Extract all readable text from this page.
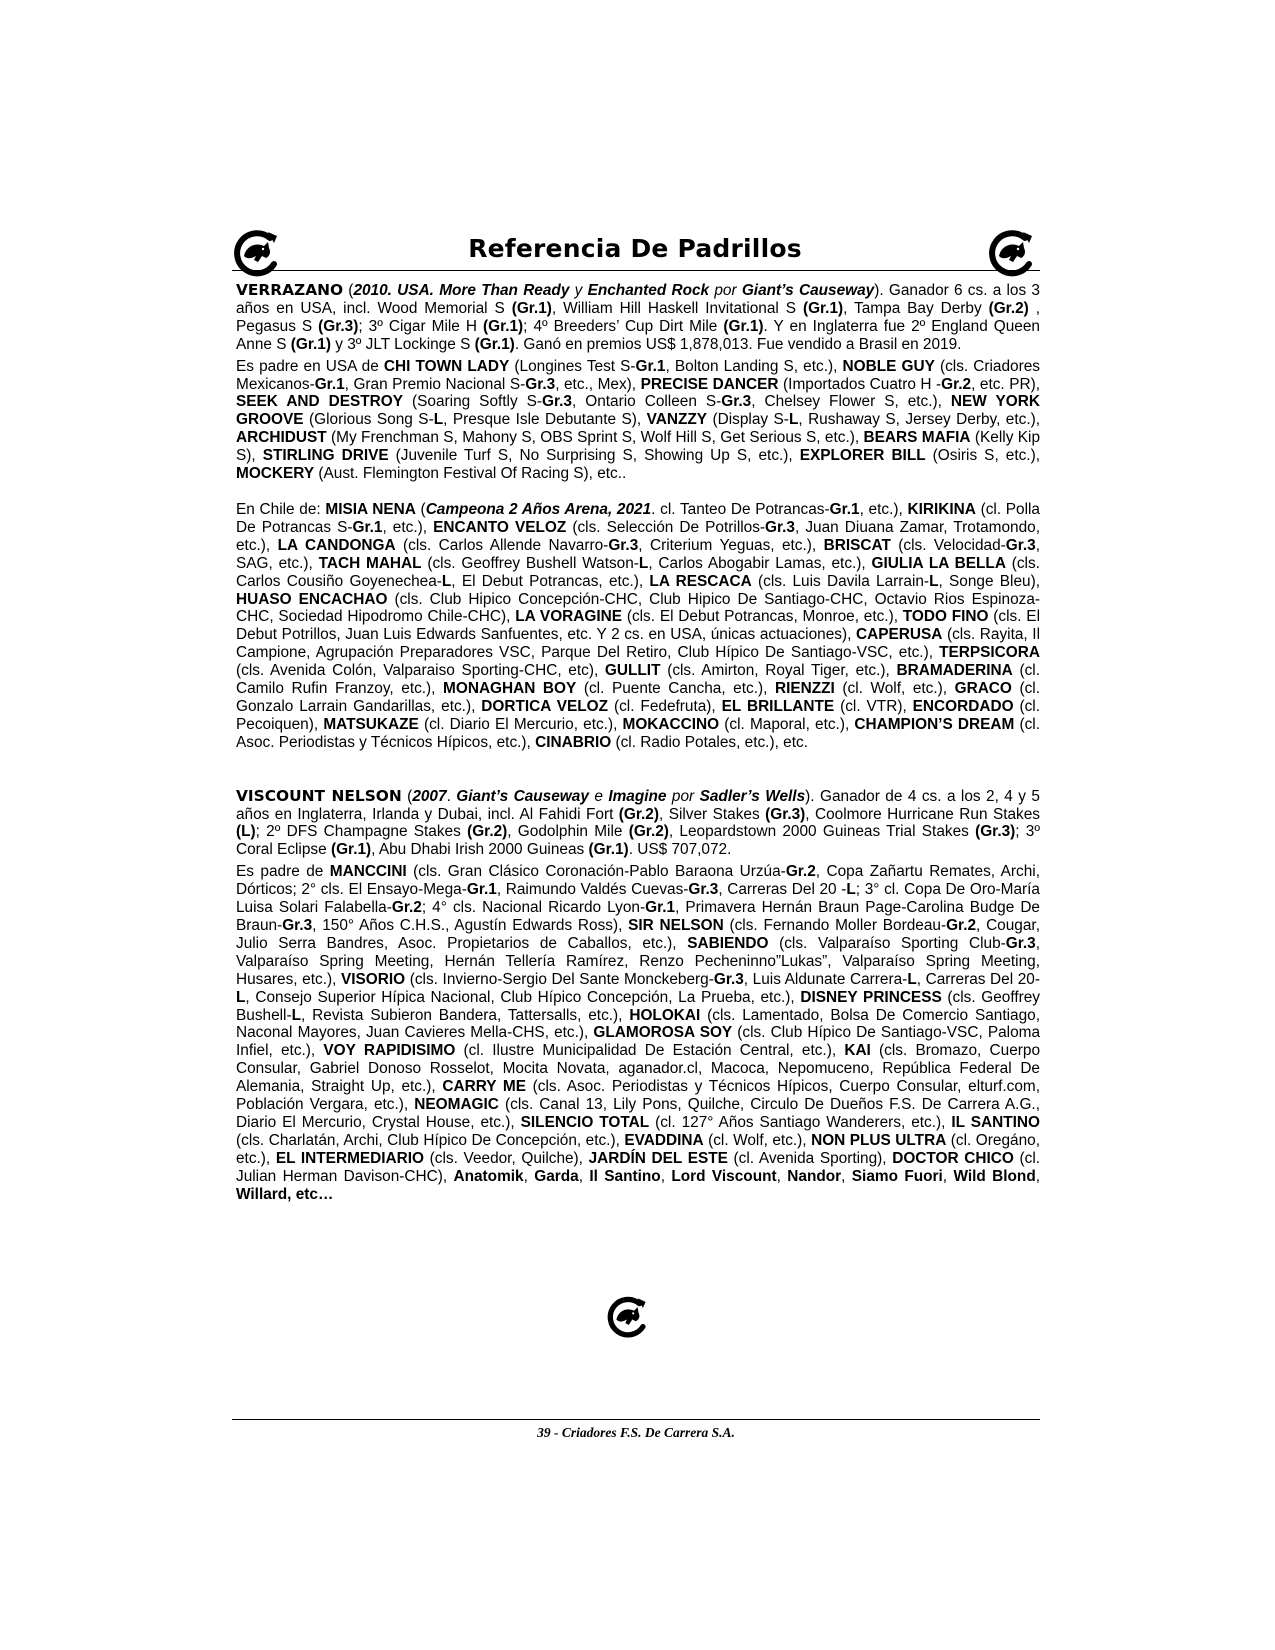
Referencia De Padrillos

VERRAZANO (2010. USA. More Than Ready y Enchanted Rock por Giant’s Causeway). Ganador 6 cs. a los 3 años en USA, incl. Wood Memorial S (Gr.1), William Hill Haskell Invitational S (Gr.1), Tampa Bay Derby (Gr.2) , Pegasus S (Gr.3); 3º Cigar Mile H (Gr.1); 4º Breeders’ Cup Dirt Mile (Gr.1). Y en Inglaterra fue 2º England Queen Anne S (Gr.1) y 3º JLT Lockinge S (Gr.1). Ganó en premios US$ 1,878,013. Fue vendido a Brasil en 2019.

Es padre en USA de CHI TOWN LADY (Longines Test S-Gr.1, Bolton Landing S, etc.), NOBLE GUY (cls. Criadores Mexicanos-Gr.1, Gran Premio Nacional S-Gr.3, etc., Mex), PRECISE DANCER (Importados Cuatro H -Gr.2, etc. PR), SEEK AND DESTROY (Soaring Softly S-Gr.3, Ontario Colleen S-Gr.3, Chelsey Flower S, etc.), NEW YORK GROOVE (Glorious Song S-L, Presque Isle Debutante S), VANZZY (Display S-L, Rushaway S, Jersey Derby, etc.), ARCHIDUST (My Frenchman S, Mahony S, OBS Sprint S, Wolf Hill S, Get Serious S, etc.), BEARS MAFIA (Kelly Kip S), STIRLING DRIVE (Juvenile Turf S, No Surprising S, Showing Up S, etc.), EXPLORER BILL (Osiris S, etc.), MOCKERY (Aust. Flemington Festival Of Racing S), etc..

En Chile de: MISIA NENA (Campeona 2 Años Arena, 2021. cl. Tanteo De Potrancas-Gr.1, etc.), KIRIKINA (cl. Polla De Potrancas S-Gr.1, etc.), ENCANTO VELOZ (cls. Selección De Potrillos-Gr.3, Juan Diuana Zamar, Trotamondo, etc.), LA CANDONGA (cls. Carlos Allende Navarro-Gr.3, Criterium Yeguas, etc.), BRISCAT (cls. Velocidad-Gr.3, SAG, etc.), TACH MAHAL (cls. Geoffrey Bushell Watson-L, Carlos Abogabir Lamas, etc.), GIULIA LA BELLA (cls. Carlos Cousiño Goyenechea-L, El Debut Potrancas, etc.), LA RESCACA (cls. Luis Davila Larrain-L, Songe Bleu), HUASO ENCACHAO (cls. Club Hipico Concepción-CHC, Club Hipico De Santiago-CHC, Octavio Rios Espinoza-CHC, Sociedad Hipodromo Chile-CHC), LA VORAGINE (cls. El Debut Potrancas, Monroe, etc.), TODO FINO (cls. El Debut Potrillos, Juan Luis Edwards Sanfuentes, etc. Y 2 cs. en USA, únicas actuaciones), CAPERUSA (cls. Rayita, Il Campione, Agrupación Preparadores VSC, Parque Del Retiro, Club Hípico De Santiago-VSC, etc.), TERPSICORA (cls. Avenida Colón, Valparaiso Sporting-CHC, etc), GULLIT (cls. Amirton, Royal Tiger, etc.), BRAMADERINA (cl. Camilo Rufin Franzoy, etc.), MONAGHAN BOY (cl. Puente Cancha, etc.), RIENZZI (cl. Wolf, etc.), GRACO (cl. Gonzalo Larrain Gandarillas, etc.), DORTICA VELOZ (cl. Fedefruta), EL BRILLANTE (cl. VTR), ENCORDADO (cl. Pecoiquen), MATSUKAZE (cl. Diario El Mercurio, etc.), MOKACCINO (cl. Maporal, etc.), CHAMPION’S DREAM (cl. Asoc. Periodistas y Técnicos Hípicos, etc.), CINABRIO (cl. Radio Potales, etc.), etc.

VISCOUNT NELSON (2007. Giant’s Causeway e Imagine por Sadler’s Wells). Ganador de 4 cs. a los 2, 4 y 5 años en Inglaterra, Irlanda y Dubai, incl. Al Fahidi Fort (Gr.2), Silver Stakes (Gr.3), Coolmore Hurricane Run Stakes (L); 2º DFS Champagne Stakes (Gr.2), Godolphin Mile (Gr.2), Leopardstown 2000 Guineas Trial Stakes (Gr.3); 3º Coral Eclipse (Gr.1), Abu Dhabi Irish 2000 Guineas (Gr.1). US$ 707,072.

Es padre de MANCCINI (cls. Gran Clásico Coronación-Pablo Baraona Urzúa-Gr.2, Copa Zañartu Remates, Archi, Dórticos; 2° cls. El Ensayo-Mega-Gr.1, Raimundo Valdés Cuevas-Gr.3, Carreras Del 20 -L; 3° cl. Copa De Oro-María Luisa Solari Falabella-Gr.2; 4° cls. Nacional Ricardo Lyon-Gr.1, Primavera Hernán Braun Page-Carolina Budge De Braun-Gr.3, 150° Años C.H.S., Agustín Edwards Ross), SIR NELSON (cls. Fernando Moller Bordeau-Gr.2, Cougar, Julio Serra Bandres, Asoc. Propietarios de Caballos, etc.), SABIENDO (cls. Valparaíso Sporting Club-Gr.3, Valparaíso Spring Meeting, Hernán Tellería Ramírez, Renzo Pecheninno”Lukas”, Valparaíso Spring Meeting, Husares, etc.), VISORIO (cls. Invierno-Sergio Del Sante Monckeberg-Gr.3, Luis Aldunate Carrera-L, Carreras Del 20-L, Consejo Superior Hípica Nacional, Club Hípico Concepción, La Prueba, etc.), DISNEY PRINCESS (cls. Geoffrey Bushell-L, Revista Subieron Bandera, Tattersalls, etc.), HOLOKAI (cls. Lamentado, Bolsa De Comercio Santiago, Naconal Mayores, Juan Cavieres Mella-CHS, etc.), GLAMOROSA SOY (cls. Club Hípico De Santiago-VSC, Paloma Infiel, etc.), VOY RAPIDISIMO (cl. Ilustre Municipalidad De Estación Central, etc.), KAI (cls. Bromazo, Cuerpo Consular, Gabriel Donoso Rosselot, Mocita Novata, aganador.cl, Macoca, Nepomuceno, República Federal De Alemania, Straight Up, etc.), CARRY ME (cls. Asoc. Periodistas y Técnicos Hípicos, Cuerpo Consular, elturf.com, Población Vergara, etc.), NEOMAGIC (cls. Canal 13, Lily Pons, Quilche, Circulo De Dueños F.S. De Carrera A.G., Diario El Mercurio, Crystal House, etc.), SILENCIO TOTAL (cl. 127° Años Santiago Wanderers, etc.), IL SANTINO (cls. Charlatán, Archi, Club Hípico De Concepción, etc.), EVADDINA (cl. Wolf, etc.), NON PLUS ULTRA (cl. Oregáno, etc.), EL INTERMEDIARIO (cls. Veedor, Quilche), JARDÍN DEL ESTE (cl. Avenida Sporting), DOCTOR CHICO (cl. Julian Herman Davison-CHC), Anatomik, Garda, Il Santino, Lord Viscount, Nandor, Siamo Fuori, Wild Blond, Willard, etc…

39 - Criadores F.S. De Carrera S.A.
